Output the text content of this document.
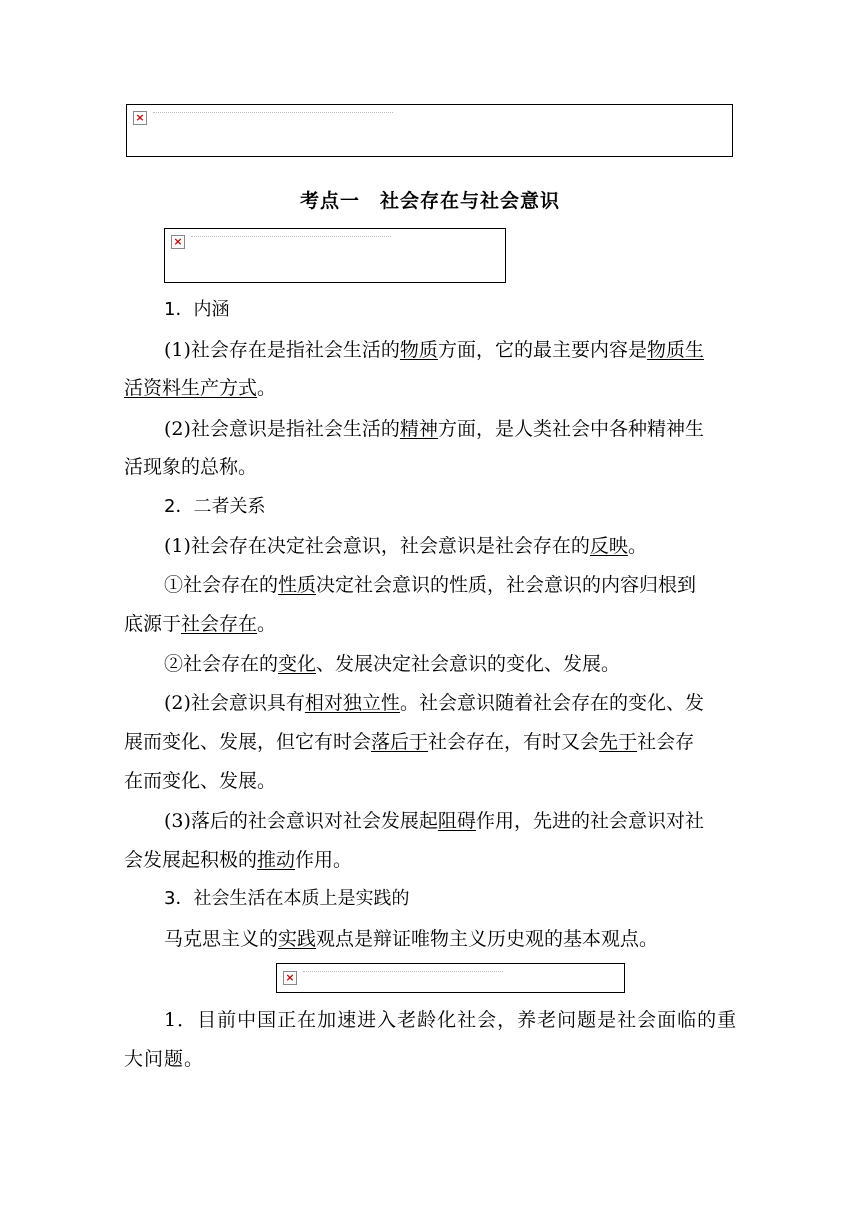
×
考点一 社会存在与社会意识
×
1．内涵
(1)社会存在是指社会生活的物质方面，它的最主要内容是物质生
活资料生产方式。
(2)社会意识是指社会生活的精神方面，是人类社会中各种精神生
活现象的总称。
2．二者关系
(1)社会存在决定社会意识，社会意识是社会存在的反映。
①社会存在的性质决定社会意识的性质，社会意识的内容归根到
底源于社会存在。
②社会存在的变化、发展决定社会意识的变化、发展。
(2)社会意识具有相对独立性。社会意识随着社会存在的变化、发
展而变化、发展，但它有时会落后于社会存在，有时又会先于社会存
在而变化、发展。
(3)落后的社会意识对社会发展起阻碍作用，先进的社会意识对社
会发展起积极的推动作用。
3．社会生活在本质上是实践的
马克思主义的实践观点是辩证唯物主义历史观的基本观点。
×
1．目前中国正在加速进入老龄化社会，养老问题是社会面临的重
大问题。
